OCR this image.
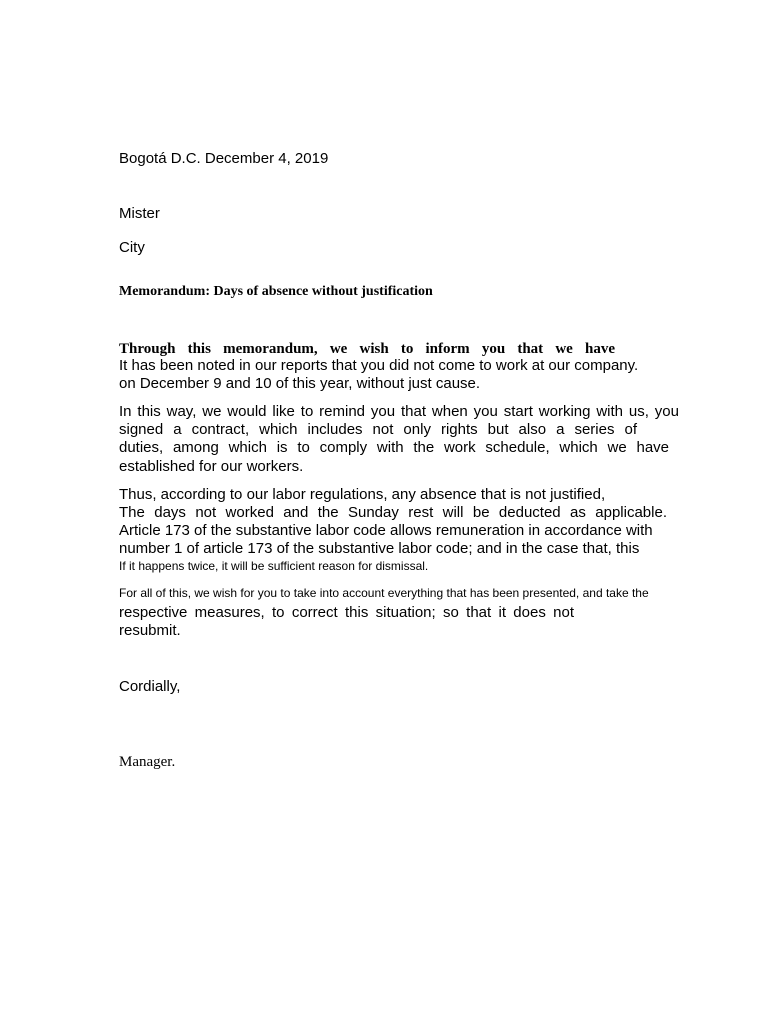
Bogotá D.C. December 4, 2019
Mister
City
Memorandum: Days of absence without justification
Through this memorandum, we wish to inform you that we have
It has been noted in our reports that you did not come to work at our company.
on December 9 and 10 of this year, without just cause.
In this way, we would like to remind you that when you start working with us, you
signed a contract, which includes not only rights but also a series of
duties, among which is to comply with the work schedule, which we have
established for our workers.
Thus, according to our labor regulations, any absence that is not justified,
The days not worked and the Sunday rest will be deducted as applicable.
Article 173 of the substantive labor code allows remuneration in accordance with
number 1 of article 173 of the substantive labor code; and in the case that, this
If it happens twice, it will be sufficient reason for dismissal.
For all of this, we wish for you to take into account everything that has been presented, and take the
respective measures, to correct this situation; so that it does not
resubmit.
Cordially,
Manager.
